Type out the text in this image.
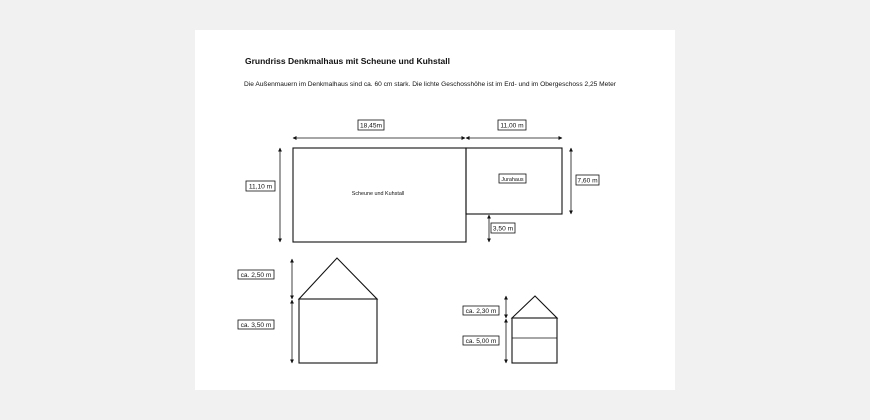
Grundriss Denkmalhaus mit Scheune und Kuhstall
Die Außenmauern im Denkmalhaus sind ca. 60 cm stark. Die lichte Geschosshöhe ist im Erd- und im Obergeschoss 2,25 Meter
Scheune und Kuhstall
Jurahaus
18,45m	11,00 m
11,10 m
7,60 m
3,50 m
ca. 2,50 m
ca. 3,50 m
ca. 2,30 m
ca. 5,00 m
